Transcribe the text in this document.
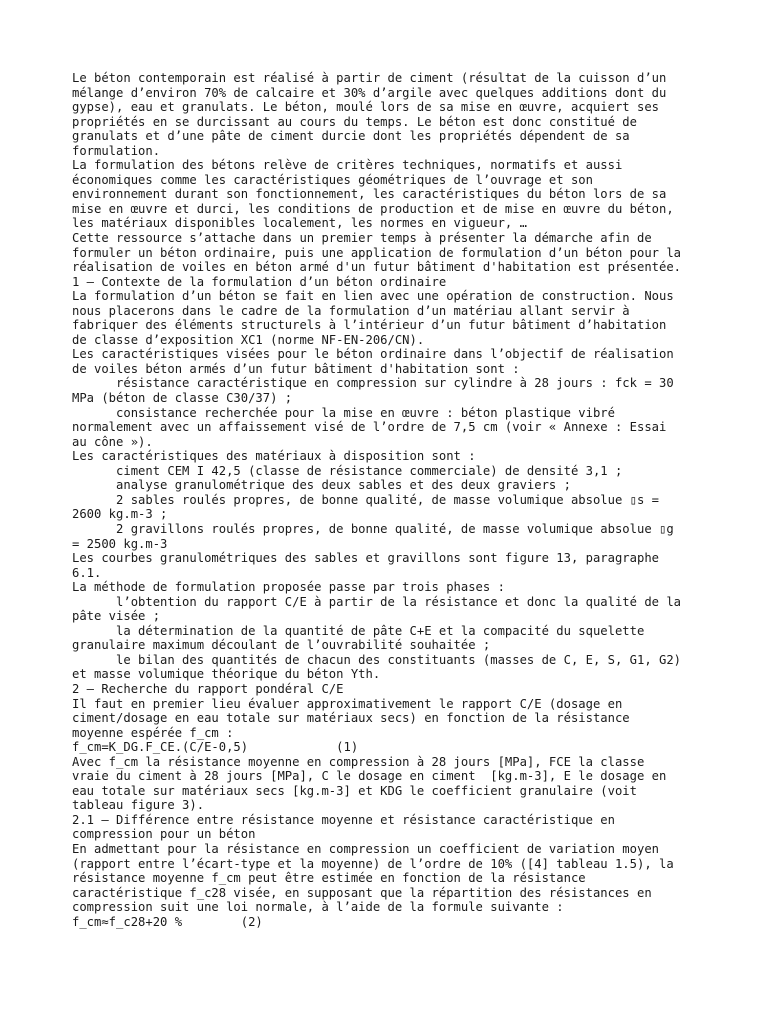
Le béton contemporain est réalisé à partir de ciment (résultat de la cuisson d’un
mélange d’environ 70% de calcaire et 30% d’argile avec quelques additions dont du
gypse), eau et granulats. Le béton, moulé lors de sa mise en œuvre, acquiert ses
propriétés en se durcissant au cours du temps. Le béton est donc constitué de
granulats et d’une pâte de ciment durcie dont les propriétés dépendent de sa
formulation.
La formulation des bétons relève de critères techniques, normatifs et aussi
économiques comme les caractéristiques géométriques de l’ouvrage et son
environnement durant son fonctionnement, les caractéristiques du béton lors de sa
mise en œuvre et durci, les conditions de production et de mise en œuvre du béton,
les matériaux disponibles localement, les normes en vigueur, …
Cette ressource s’attache dans un premier temps à présenter la démarche afin de
formuler un béton ordinaire, puis une application de formulation d’un béton pour la
réalisation de voiles en béton armé d'un futur bâtiment d'habitation est présentée.
1 – Contexte de la formulation d’un béton ordinaire
La formulation d’un béton se fait en lien avec une opération de construction. Nous
nous placerons dans le cadre de la formulation d’un matériau allant servir à
fabriquer des éléments structurels à l’intérieur d’un futur bâtiment d’habitation
de classe d’exposition XC1 (norme NF-EN-206/CN).
Les caractéristiques visées pour le béton ordinaire dans l’objectif de réalisation
de voiles béton armés d’un futur bâtiment d'habitation sont :
résistance caractéristique en compression sur cylindre à 28 jours : fck = 30
MPa (béton de classe C30/37) ;
consistance recherchée pour la mise en œuvre : béton plastique vibré
normalement avec un affaissement visé de l’ordre de 7,5 cm (voir « Annexe : Essai
au cône »).
Les caractéristiques des matériaux à disposition sont :
ciment CEM I 42,5 (classe de résistance commerciale) de densité 3,1 ;
analyse granulométrique des deux sables et des deux graviers ;
2 sables roulés propres, de bonne qualité, de masse volumique absolue ▯s =
2600 kg.m-3 ;
2 gravillons roulés propres, de bonne qualité, de masse volumique absolue ▯g
= 2500 kg.m-3
Les courbes granulométriques des sables et gravillons sont figure 13, paragraphe
6.1.
La méthode de formulation proposée passe par trois phases :
l’obtention du rapport C/E à partir de la résistance et donc la qualité de la
pâte visée ;
la détermination de la quantité de pâte C+E et la compacité du squelette
granulaire maximum découlant de l’ouvrabilité souhaitée ;
le bilan des quantités de chacun des constituants (masses de C, E, S, G1, G2)
et masse volumique théorique du béton Yth.
2 – Recherche du rapport pondéral C/E
Il faut en premier lieu évaluer approximativement le rapport C/E (dosage en
ciment/dosage en eau totale sur matériaux secs) en fonction de la résistance
moyenne espérée f_cm :
f_cm=K_DG.F_CE.(C/E-0,5)            (1)
Avec f_cm la résistance moyenne en compression à 28 jours [MPa], FCE la classe
vraie du ciment à 28 jours [MPa], C le dosage en ciment  [kg.m-3], E le dosage en
eau totale sur matériaux secs [kg.m-3] et KDG le coefficient granulaire (voit
tableau figure 3).
2.1 – Différence entre résistance moyenne et résistance caractéristique en
compression pour un béton
En admettant pour la résistance en compression un coefficient de variation moyen
(rapport entre l’écart-type et la moyenne) de l’ordre de 10% ([4] tableau 1.5), la
résistance moyenne f_cm peut être estimée en fonction de la résistance
caractéristique f_c28 visée, en supposant que la répartition des résistances en
compression suit une loi normale, à l’aide de la formule suivante :
f_cm≈f_c28+20 %        (2)
